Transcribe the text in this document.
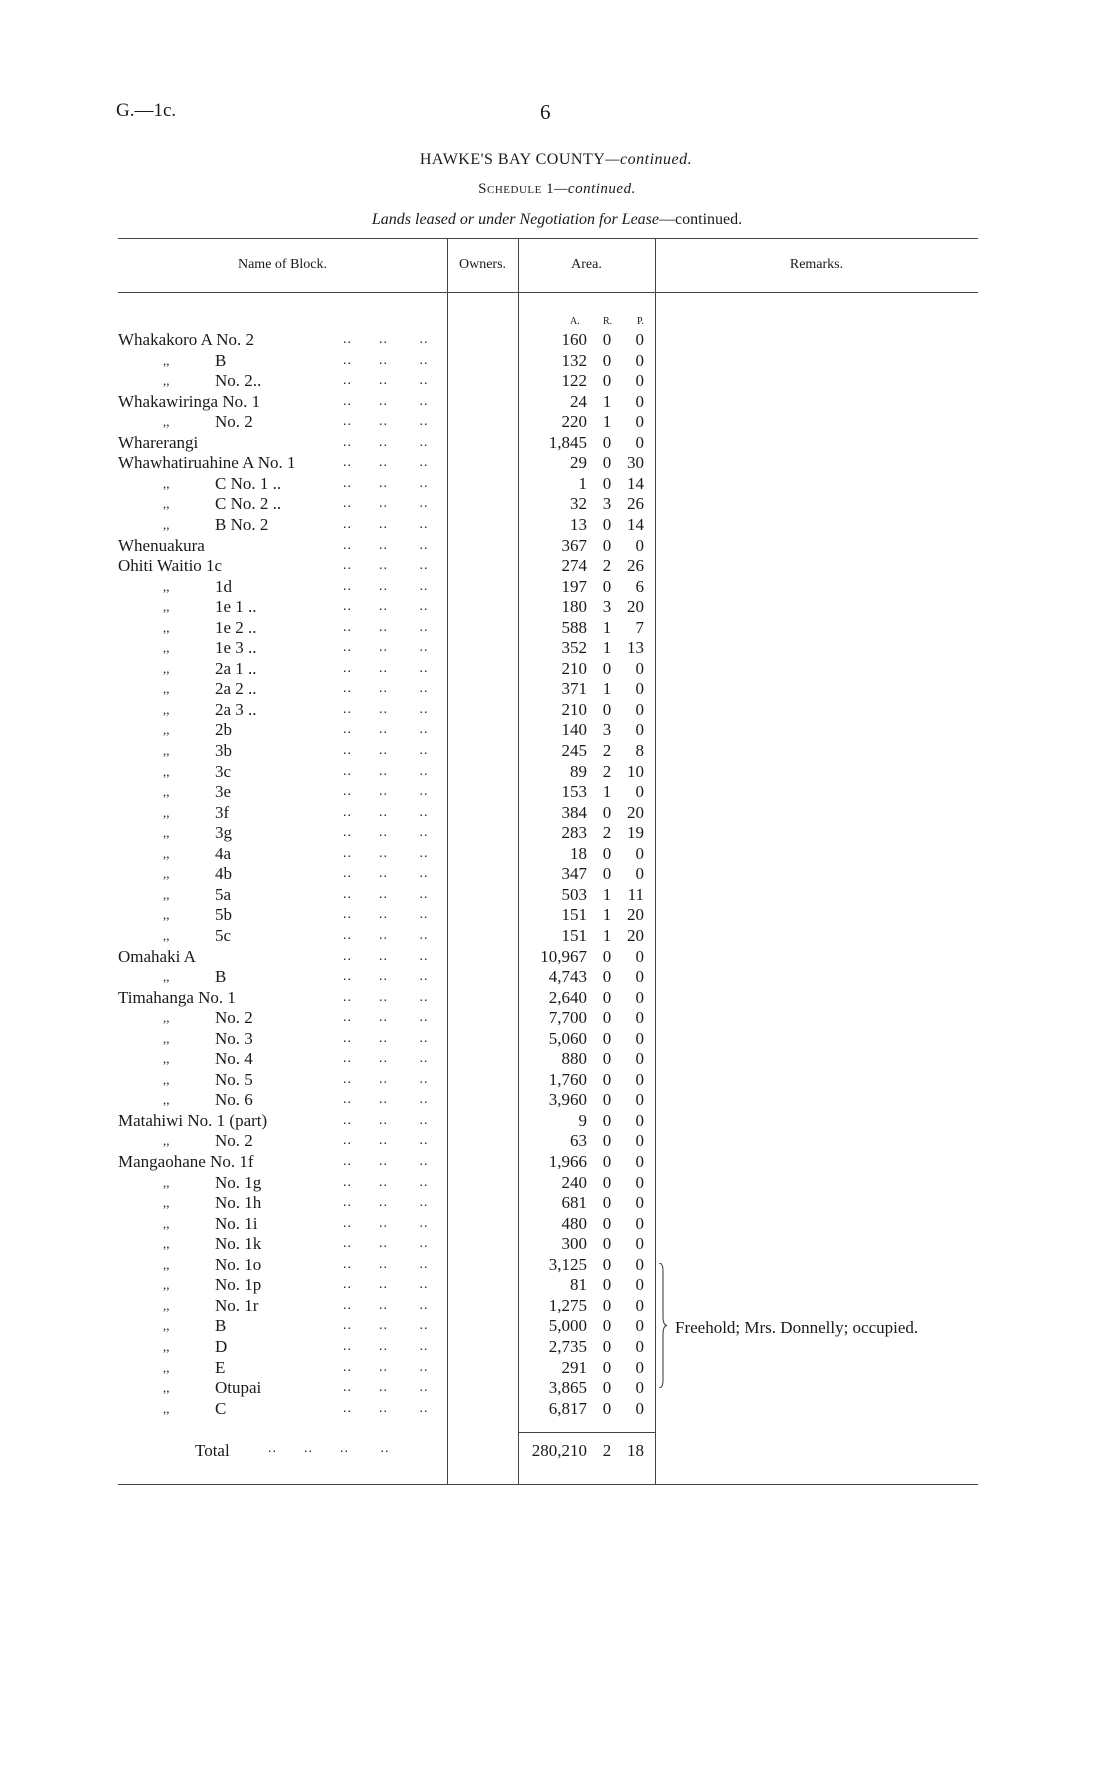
G.—1c.	6
HAWKE'S BAY COUNTY—continued.
Schedule 1—continued.
Lands leased or under Negotiation for Lease—continued.
Name of Block.	Owners.	Area.	Remarks.
A. R. P.
Whakakoro A No. 2	..      ..       ..	160 0	0
,,	B	..      ..       ..	132 0	0
,,	No. 2..	..      ..       ..	122 0	0
Whakawiringa No. 1	..      ..       ..	24 1	0
,,	No. 2	..      ..       ..	220 1	0
Wharerangi	..      ..       ..	1,845 0	0
Whawhatiruahine A No. 1	..      ..       ..	29 0 30
,,	C No. 1 ..	..      ..       ..	1 0 14
,,	C No. 2 ..	..      ..       ..	32 3 26
,,	B No. 2	..      ..       ..	13 0 14
Whenuakura	..      ..       ..	367 0	0
Ohiti Waitio 1c	..      ..       ..	274 2 26
,,	1d	..      ..       ..	197 0	6
,,	1e 1 ..	..      ..       ..	180 3 20
,,	1e 2 ..	..      ..       ..	588 1	7
,,	1e 3 ..	..      ..       ..	352 1 13
,,	2a 1 ..	..      ..       ..	210 0	0
,,	2a 2 ..	..      ..       ..	371 1	0
,,	2a 3 ..	..      ..       ..	210 0	0
,,	2b	..      ..       ..	140 3	0
,,	3b	..      ..       ..	245 2	8
,,	3c	..      ..       ..	89 2 10
,,	3e	..      ..       ..	153 1	0
,,	3f	..      ..       ..	384 0 20
,,	3g	..      ..       ..	283 2 19
,,	4a	..      ..       ..	18 0	0
,,	4b	..      ..       ..	347 0	0
,,	5a	..      ..       ..	503 1 11
,,	5b	..      ..       ..	151 1 20
,,	5c	..      ..       ..	151 1 20
Omahaki A	..      ..       ..	10,967 0	0
,,	B	..      ..       ..	4,743 0	0
Timahanga No. 1	..      ..       ..	2,640 0	0
,,	No. 2	..      ..       ..	7,700 0	0
,,	No. 3	..      ..       ..	5,060 0	0
,,	No. 4	..      ..       ..	880 0	0
,,	No. 5	..      ..       ..	1,760 0	0
,,	No. 6	..      ..       ..	3,960 0	0
Matahiwi No. 1 (part)	..      ..       ..	9 0	0
,,	No. 2	..      ..       ..	63 0	0
Mangaohane No. 1f	..      ..       ..	1,966 0	0
,,	No. 1g	..      ..       ..	240 0	0
,,	No. 1h	..      ..       ..	681 0	0
,,	No. 1i	..      ..       ..	480 0	0
,,	No. 1k	..      ..       ..	300 0	0
,,	No. 1o	..      ..       ..	3,125 0	0
,,	No. 1p	..      ..       ..	81 0	0
,,	No. 1r	..      ..       ..	1,275 0	0
,,	B	..      ..       ..	5,000 0	0
,,	D	..      ..       ..	2,735 0	0
,,	E	..      ..       ..	291 0	0
,,	Otupai	..      ..       ..	3,865 0	0
,,	C	..      ..       ..	6,817 0	0
Freehold; Mrs. Donnelly; occupied.
Total	..      ..      ..       ..	280,210 2 18
